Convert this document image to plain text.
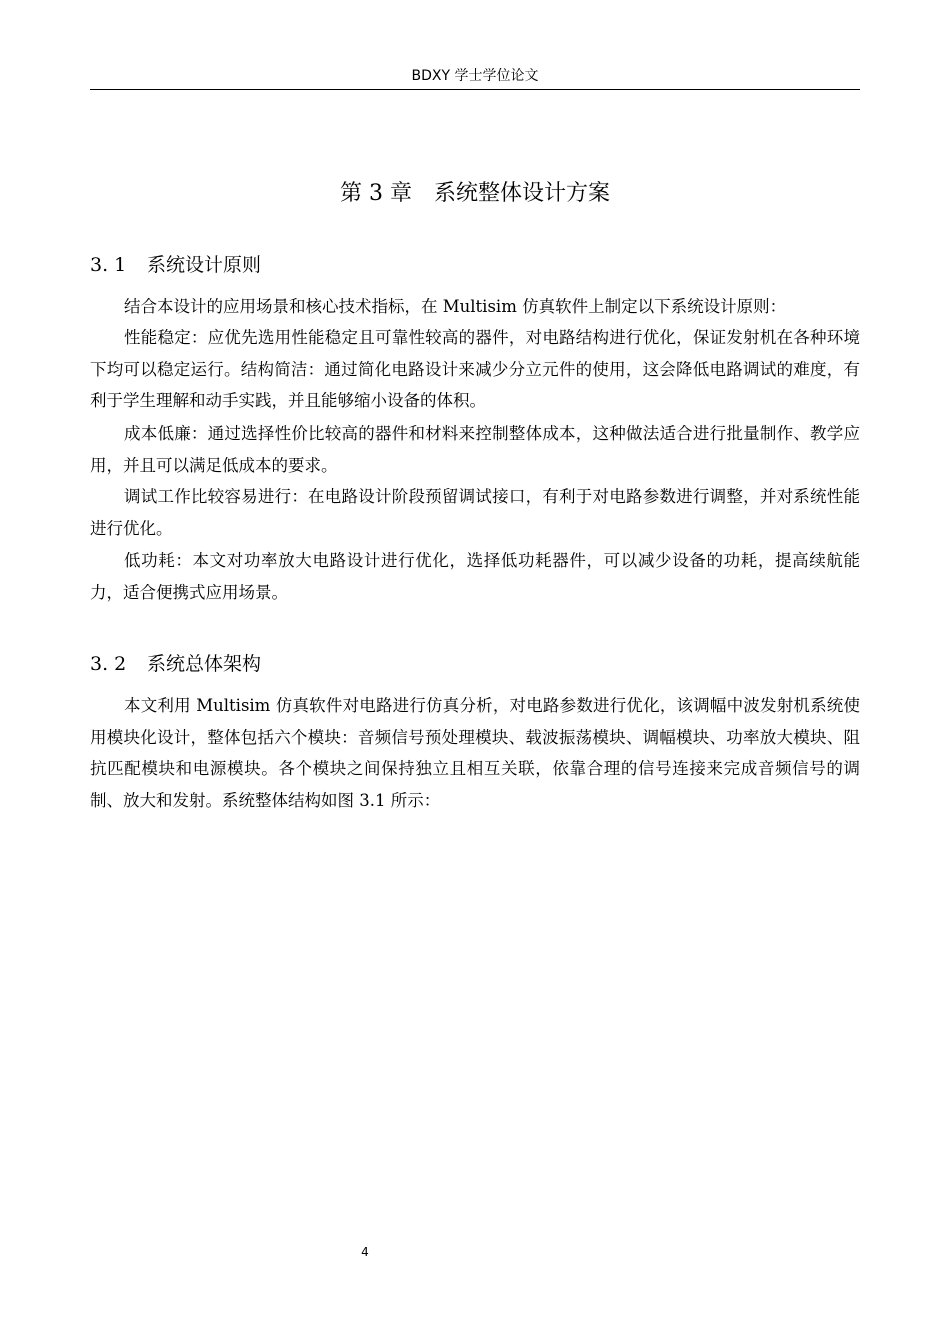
BDXY 学士学位论文
第 3 章　系统整体设计方案
3. 1 系统设计原则

结合本设计的应用场景和核心技术指标，在 Multisim 仿真软件上制定以下系统设计原则：

性能稳定：应优先选用性能稳定且可靠性较高的器件，对电路结构进行优化，保证发射机在各种环境下均可以稳定运行。结构简洁：通过简化电路设计来减少分立元件的使用，这会降低电路调试的难度，有利于学生理解和动手实践，并且能够缩小设备的体积。

成本低廉：通过选择性价比较高的器件和材料来控制整体成本，这种做法适合进行批量制作、教学应用，并且可以满足低成本的要求。

调试工作比较容易进行：在电路设计阶段预留调试接口，有利于对电路参数进行调整，并对系统性能进行优化。

低功耗：本文对功率放大电路设计进行优化，选择低功耗器件，可以减少设备的功耗，提高续航能力，适合便携式应用场景。

3. 2 系统总体架构

本文利用 Multisim 仿真软件对电路进行仿真分析，对电路参数进行优化，该调幅中波发射机系统使用模块化设计，整体包括六个模块：音频信号预处理模块、载波振荡模块、调幅模块、功率放大模块、阻抗匹配模块和电源模块。各个模块之间保持独立且相互关联，依靠合理的信号连接来完成音频信号的调制、放大和发射。系统整体结构如图 3.1 所示：

4
